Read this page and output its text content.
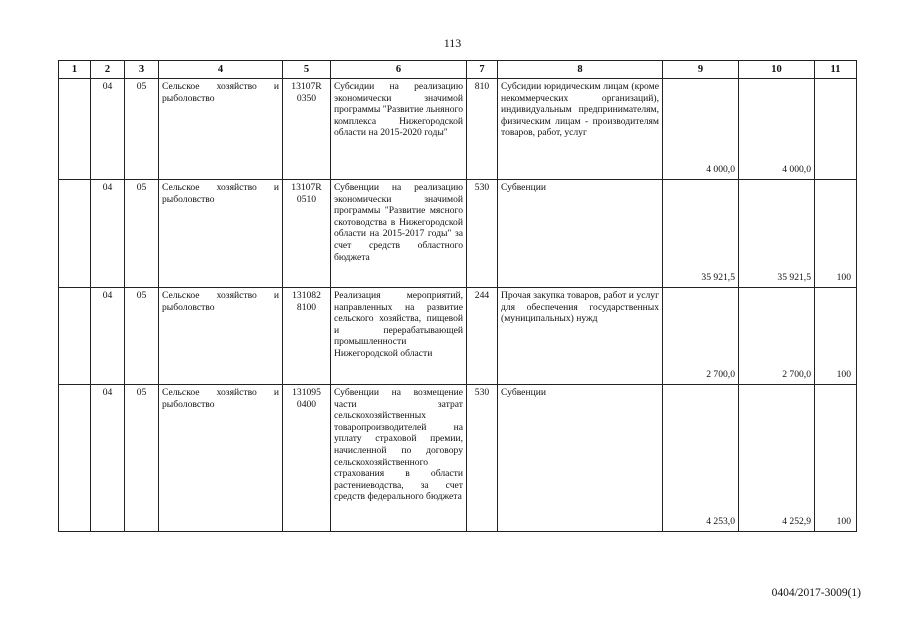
113
1	2	3	4	5	6	7	8	9	10	11
	04	05	Сельское хозяйство и рыболовство	13107R 0350	Субсидии на реализацию экономически значимой программы "Развитие льняного комплекса Нижегородской области на 2015-2020 годы"	810	Субсидии юридическим лицам (кроме некоммерческих организаций), индивидуальным предпринимателям, физическим лицам - производителям товаров, работ, услуг	4 000,0	4 000,0	
	04	05	Сельское хозяйство и рыболовство	13107R 0510	Субвенции на реализацию экономически значимой программы "Развитие мясного скотоводства в Нижегородской области на 2015-2017 годы" за счет средств областного бюджета	530	Субвенции	35 921,5	35 921,5	100
	04	05	Сельское хозяйство и рыболовство	131082 8100	Реализация мероприятий, направленных на развитие сельского хозяйства, пищевой и перерабатывающей промышленности Нижегородской области	244	Прочая закупка товаров, работ и услуг для обеспечения государственных (муниципальных) нужд	2 700,0	2 700,0	100
	04	05	Сельское хозяйство и рыболовство	131095 0400	Субвенции на возмещение части затрат сельскохозяйственных товаропроизводителей на уплату страховой премии, начисленной по договору сельскохозяйственного страхования в области растениеводства, за счет средств федерального бюджета	530	Субвенции	4 253,0	4 252,9	100
0404/2017-3009(1)
